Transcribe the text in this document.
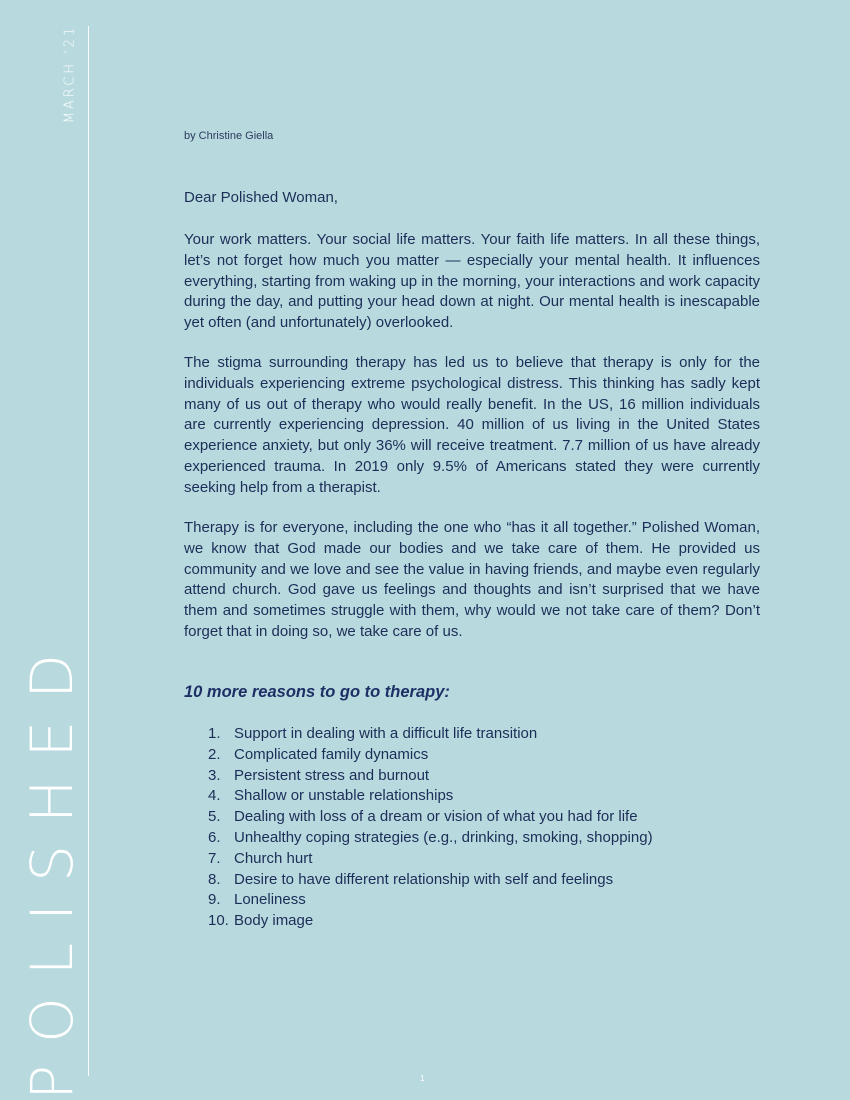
MARCH '21
POLISHED
by Christine Giella
Dear Polished Woman,

Your work matters. Your social life matters. Your faith life matters. In all these things, let’s not forget how much you matter — especially your mental health. It influences everything, starting from waking up in the morning, your interactions and work capacity during the day, and putting your head down at night. Our mental health is inescapable yet often (and unfortunately) overlooked.

The stigma surrounding therapy has led us to believe that therapy is only for the individuals experiencing extreme psychological distress. This thinking has sadly kept many of us out of therapy who would really benefit. In the US, 16 million individuals are currently experiencing depression. 40 million of us living in the United States experience anxiety, but only 36% will receive treatment. 7.7 million of us have already experienced trauma. In 2019 only 9.5% of Americans stated they were currently seeking help from a therapist.

Therapy is for everyone, including the one who “has it all together.” Polished Woman, we know that God made our bodies and we take care of them. He provided us community and we love and see the value in having friends, and maybe even regularly attend church. God gave us feelings and thoughts and isn’t surprised that we have them and sometimes struggle with them, why would we not take care of them? Don’t forget that in doing so, we take care of us.

10 more reasons to go to therapy:
1. Support in dealing with a difficult life transition
2. Complicated family dynamics
3. Persistent stress and burnout
4. Shallow or unstable relationships
5. Dealing with loss of a dream or vision of what you had for life
6. Unhealthy coping strategies (e.g., drinking, smoking, shopping)
7. Church hurt
8. Desire to have different relationship with self and feelings
9. Loneliness
10. Body image
1
